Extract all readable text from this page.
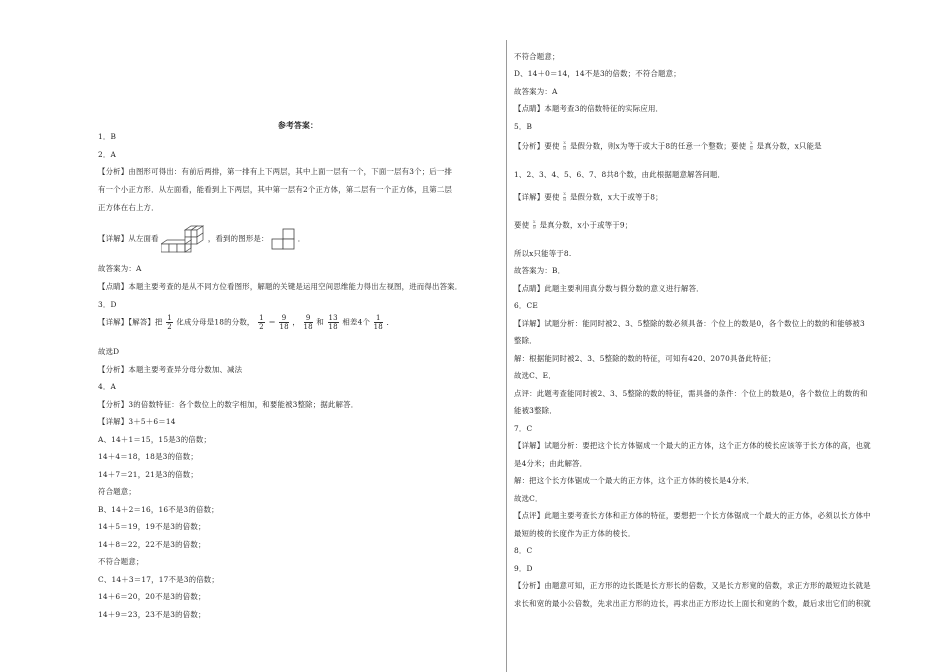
参考答案：
1．B
2．A
【分析】由图形可得出：有前后两排，第一排有上下两层，其中上面一层有一个，下面一层有3个；后一排
有一个小正方形．从左面看，能看到上下两层，其中第一层有2个正方体，第二层有一个正方体，且第二层
正方体在右上方．
【详解】从左面看	，看到的图形是：	．
故答案为：A
【点睛】本题主要考查的是从不同方位看图形，解题的关键是运用空间思维能力得出左视图，进而得出答案．
3．D
【详解】【解答】把 $\frac{1}{2}$ 化成分母是18的分数， $\frac{1}{2} = \frac{9}{18}$ ， $\frac{9}{18}$ 和 $\frac{13}{18}$ 相差4个 $\frac{1}{18}$ ．
故选D
【分析】本题主要考查异分母分数加、减法
4．A
【分析】3的倍数特征：各个数位上的数字相加，和要能被3整除；据此解答．
【详解】3＋5＋6＝14
A、14＋1＝15，15是3的倍数；
14＋4＝18，18是3的倍数；
14＋7＝21，21是3的倍数；
符合题意；
B、14＋2＝16，16不是3的倍数；
14＋5＝19，19不是3的倍数；
14＋8＝22，22不是3的倍数；
不符合题意；
C、14＋3＝17，17不是3的倍数；
14＋6＝20，20不是3的倍数；
14＋9＝23，23不是3的倍数；
不符合题意；
D、14＋0＝14，14不是3的倍数；不符合题意；
故答案为：A
【点睛】本题考查3的倍数特征的实际应用．
5．B
【分析】要使 $\frac{x}{8}$ 是假分数，则x为等于或大于8的任意一个整数；要使 $\frac{x}{8}$ 是真分数，x只能是
1、2、3、4、5、6、7、8共8个数，由此根据题意解答问题．
【详解】要使 $\frac{x}{8}$ 是假分数，x大于或等于8；
要使 $\frac{x}{9}$ 是真分数，x小于或等于9；
所以x只能等于8.
故答案为：B．
【点睛】此题主要利用真分数与假分数的意义进行解答．
6．CE
【详解】试题分析：能同时被2、3、5整除的数必须具备：个位上的数是0，各个数位上的数的和能够被3
整除．
解：根据能同时被2、3、5整除的数的特征，可知有420、2070具备此特征；
故选C、E．
点评：此题考查能同时被2、3、5整除的数的特征，需具备的条件：个位上的数是0，各个数位上的数的和
能被3整除．
7．C
【详解】试题分析：要把这个长方体锯成一个最大的正方体，这个正方体的棱长应该等于长方体的高，也就
是4分米；由此解答．
解：把这个长方体锯成一个最大的正方体，这个正方体的棱长是4分米．
故选C．
【点评】此题主要考查长方体和正方体的特征，要想把一个长方体锯成一个最大的正方体，必须以长方体中
最短的棱的长度作为正方体的棱长．
8．C
9．D
【分析】由题意可知，正方形的边长既是长方形长的倍数，又是长方形宽的倍数，求正方形的最短边长就是
求长和宽的最小公倍数，先求出正方形的边长，再求出正方形边长上面长和宽的个数，最后求出它们的积就
